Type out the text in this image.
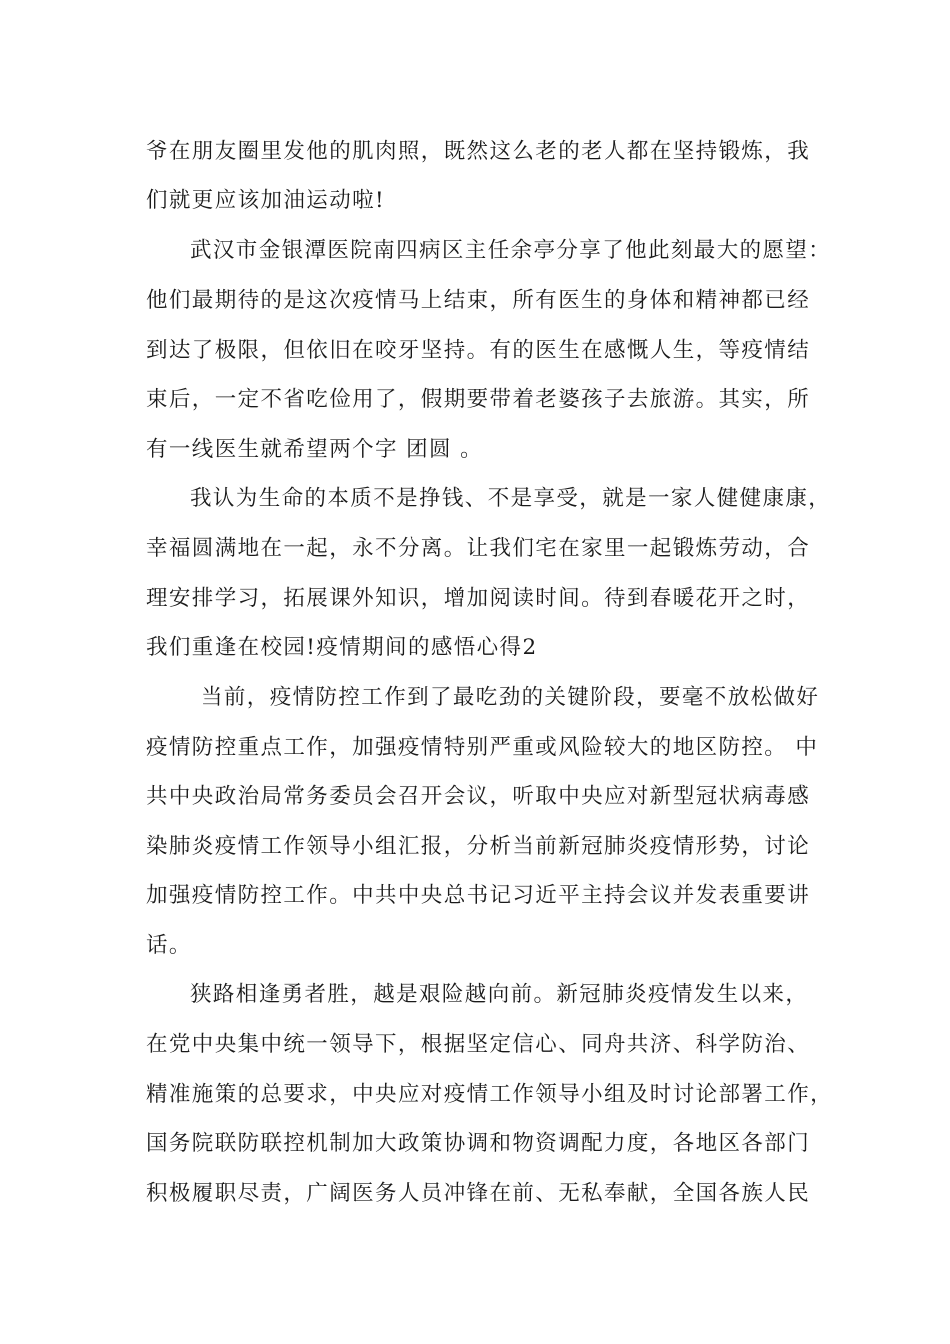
爷在朋友圈里发他的肌肉照，既然这么老的老人都在坚持锻炼，我

们就更应该加油运动啦!

武汉市金银潭医院南四病区主任余亭分享了他此刻最大的愿望：

他们最期待的是这次疫情马上结束，所有医生的身体和精神都已经

到达了极限，但依旧在咬牙坚持。有的医生在感慨人生，等疫情结

束后，一定不省吃俭用了，假期要带着老婆孩子去旅游。其实，所

有一线医生就希望两个字 团圆 。

我认为生命的本质不是挣钱、不是享受，就是一家人健健康康，

幸福圆满地在一起，永不分离。让我们宅在家里一起锻炼劳动，合

理安排学习，拓展课外知识，增加阅读时间。待到春暖花开之时，

我们重逢在校园!疫情期间的感悟心得2

当前，疫情防控工作到了最吃劲的关键阶段，要毫不放松做好

疫情防控重点工作，加强疫情特别严重或风险较大的地区防控。 中

共中央政治局常务委员会召开会议，听取中央应对新型冠状病毒感

染肺炎疫情工作领导小组汇报，分析当前新冠肺炎疫情形势，讨论

加强疫情防控工作。中共中央总书记习近平主持会议并发表重要讲

话。

狭路相逢勇者胜，越是艰险越向前。新冠肺炎疫情发生以来，

在党中央集中统一领导下，根据坚定信心、同舟共济、科学防治、

精准施策的总要求，中央应对疫情工作领导小组及时讨论部署工作，

国务院联防联控机制加大政策协调和物资调配力度，各地区各部门

积极履职尽责，广阔医务人员冲锋在前、无私奉献，全国各族人民
